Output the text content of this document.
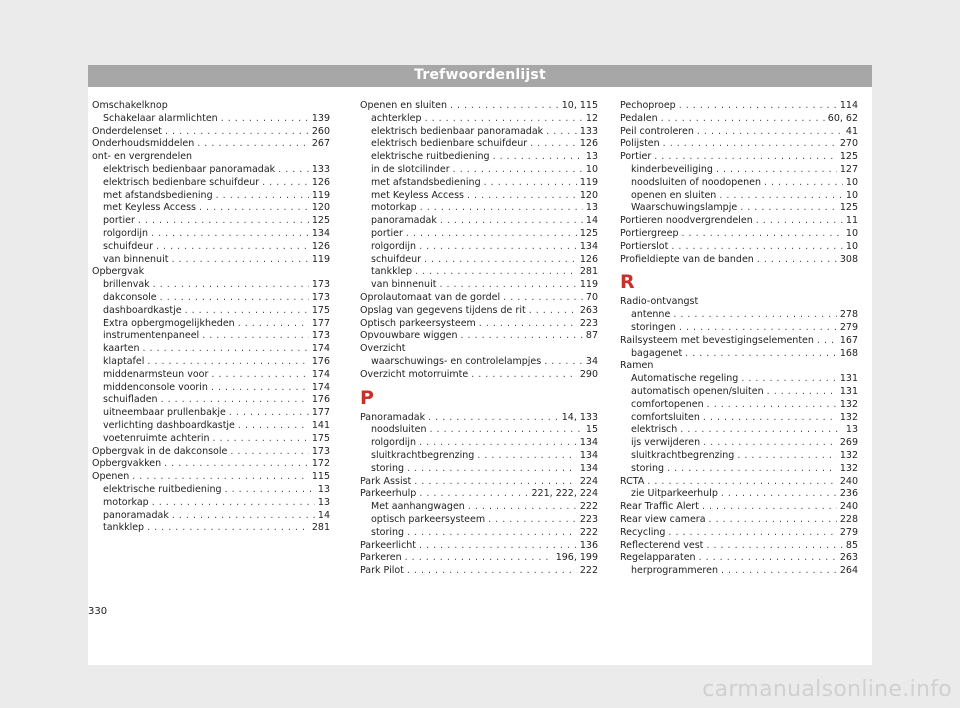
Trefwoordenlijst
Omschakelknop
Schakelaar alarmlichten . . .	139
Onderdelenset . . .	260
Onderhoudsmiddelen . . .	267
ont- en vergrendelen
elektrisch bedienbaar panoramadak . . .	133
elektrisch bedienbare schuifdeur . . .	126
met afstandsbediening . . .	119
met Keyless Access . . .	120
portier . . .	125
rolgordijn . . .	134
schuifdeur . . .	126
van binnenuit . . .	119
Opbergvak
brillenvak . . .	173
dakconsole . . .	173
dashboardkastje . . .	175
Extra opbergmogelijkheden . . .	177
instrumentenpaneel . . .	173
kaarten . . .	174
klaptafel . . .	176
middenarmsteun voor . . .	174
middenconsole voorin . . .	174
schuifladen . . .	176
uitneembaar prullenbakje . . .	177
verlichting dashboardkastje . . .	141
voetenruimte achterin . . .	175
Opbergvak in de dakconsole . . .	173
Opbergvakken . . .	172
Openen . . .	115
elektrische ruitbediening . . .	13
motorkap . . .	13
panoramadak . . .	14
tankklep . . .	281
Openen en sluiten . . .	10, 115
achterklep . . .	12
elektrisch bedienbaar panoramadak . . .	133
elektrisch bedienbare schuifdeur . . .	126
elektrische ruitbediening . . .	13
in de slotcilinder . . .	10
met afstandsbediening . . .	119
met Keyless Access . . .	120
motorkap . . .	13
panoramadak . . .	14
portier . . .	125
rolgordijn . . .	134
schuifdeur . . .	126
tankklep . . .	281
van binnenuit . . .	119
Oprolautomaat van de gordel . . .	70
Opslag van gegevens tijdens de rit . . .	263
Optisch parkeersysteem . . .	223
Opvouwbare wiggen . . .	87
Overzicht
waarschuwings- en controlelampjes . . .	34
Overzicht motorruimte . . .	290
P
Panoramadak . . .	14, 133
noodsluiten . . .	15
rolgordijn . . .	134
sluitkrachtbegrenzing . . .	134
storing . . .	134
Park Assist . . .	224
Parkeerhulp . . .	221, 222, 224
Met aanhangwagen . . .	222
optisch parkeersysteem . . .	223
storing . . .	222
Parkeerlicht . . .	136
Parkeren . . .	196, 199
Park Pilot . . .	222
Pechoproep . . .	114
Pedalen . . .	60, 62
Peil controleren . . .	41
Polijsten . . .	270
Portier . . .	125
kinderbeveiliging . . .	127
noodsluiten of noodopenen . . .	10
openen en sluiten . . .	10
Waarschuwingslampje . . .	125
Portieren noodvergrendelen . . .	11
Portiergreep . . .	10
Portierslot . . .	10
Profieldiepte van de banden . . .	308
R
Radio-ontvangst
antenne . . .	278
storingen . . .	279
Railsysteem met bevestigingselementen . . .	167
bagagenet . . .	168
Ramen
Automatische regeling . . .	131
automatisch openen/sluiten . . .	131
comfortopenen . . .	132
comfortsluiten . . .	132
elektrisch . . .	13
ijs verwijderen . . .	269
sluitkrachtbegrenzing . . .	132
storing . . .	132
RCTA . . .	240
zie Uitparkeerhulp . . .	236
Rear Traffic Alert . . .	240
Rear view camera . . .	228
Recycling . . .	279
Reflecterend vest . . .	85
Regelapparaten . . .	263
herprogrammeren . . .	264
330
carmanualsonline.info
